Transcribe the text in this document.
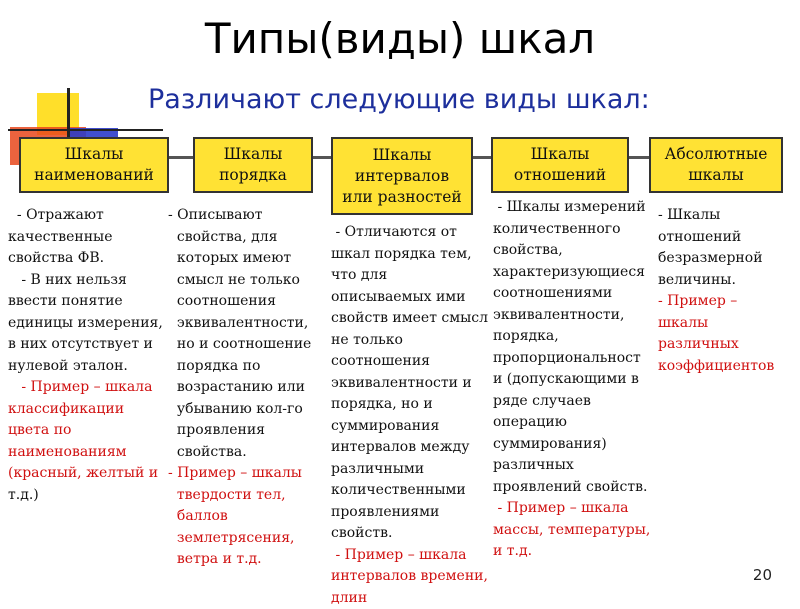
Типы(виды) шкал
Различают следующие виды шкал:
Шкалы
наименований
Шкалы
порядка
Шкалы
интервалов
или разностей
Шкалы
отношений
Абсолютные
шкалы

- Отражают

качественные

свойства ФВ.

- В них нельзя

ввести понятие

единицы измерения,

в них отсутствует и

нулевой эталон.

- Пример – шкала

классификации

цвета по

наименованиям

(красный, желтый и

т.д.)

- Описывают

свойства, для

которых имеют

смысл не только

соотношения

эквивалентности,

но и соотношение

порядка по

возрастанию или

убыванию кол-го

проявления

свойства.

- Пример – шкалы

твердости тел,

баллов

землетрясения,

ветра и т.д.

- Отличаются от

шкал порядка тем,

что для

описываемых ими

свойств имеет смысл

не только

соотношения

эквивалентности и

порядка, но и

суммирования

интервалов между

различными

количественными

проявлениями

свойств.

- Пример – шкала

интервалов времени,

длин

- Шкалы измерений

количественного

свойства,

характеризующиеся

соотношениями

эквивалентности,

порядка,

пропорциональност

и (допускающими в

ряде случаев

операцию

суммирования)

различных

проявлений свойств.

- Пример – шкала

массы, температуры,

и т.д.

- Шкалы

отношений

безразмерной

величины.

- Пример –

шкалы

различных

коэффициентов

20
